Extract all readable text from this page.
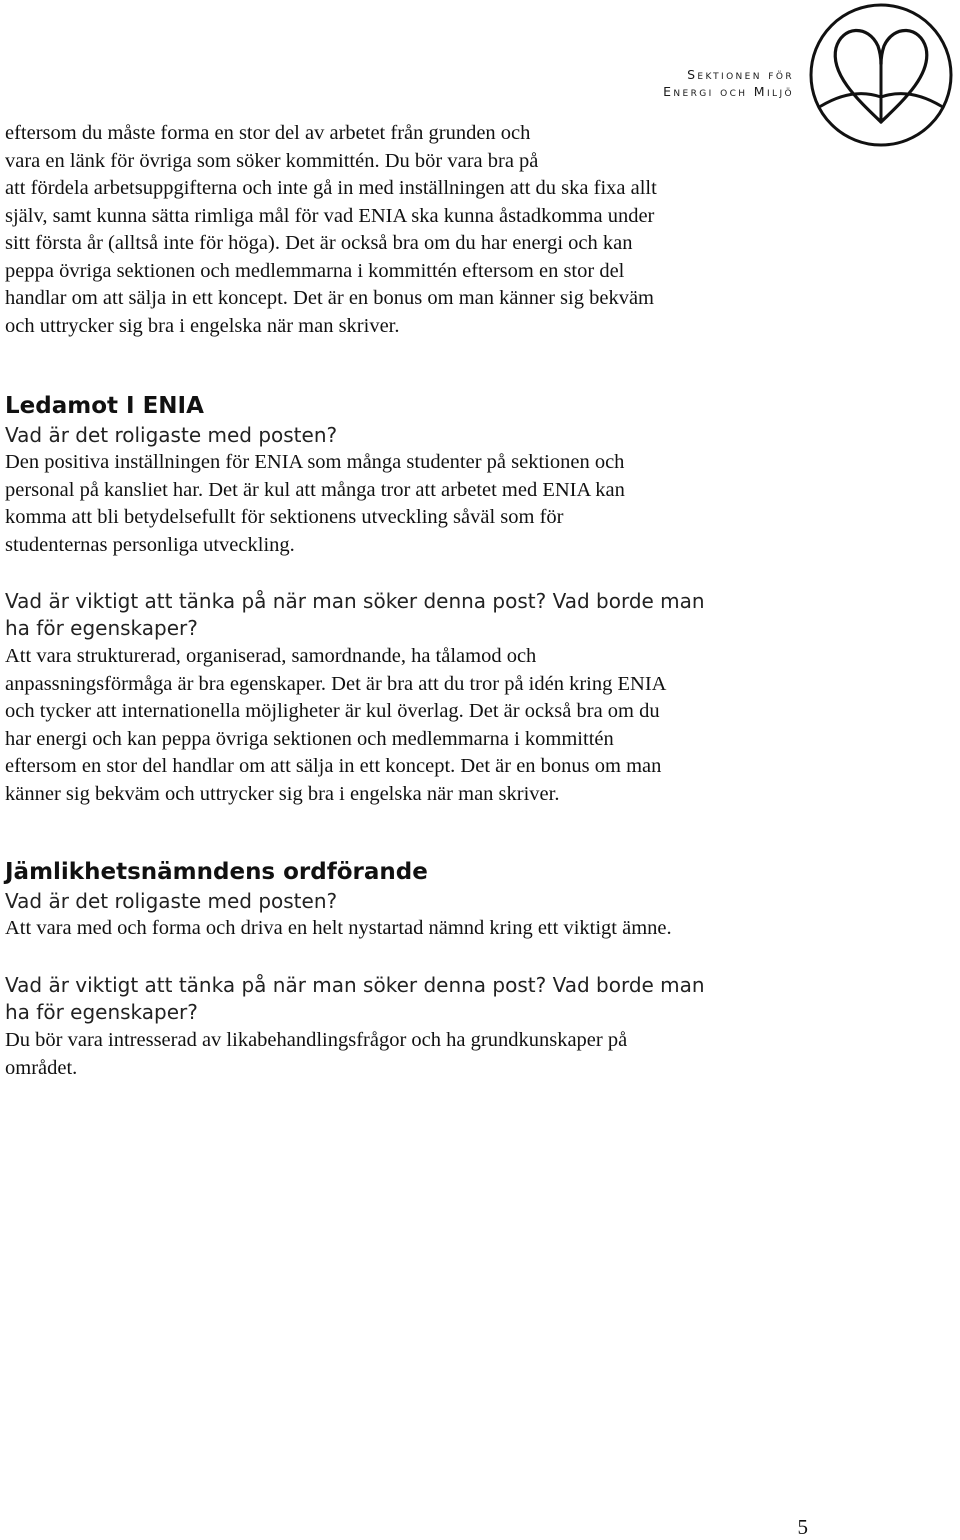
Sektionen för
Energi och Miljö

eftersom du måste forma en stor del av arbetet från grunden och
vara en länk för övriga som söker kommittén. Du bör vara bra på
att fördela arbetsuppgifterna och inte gå in med inställningen att du ska fixa allt
själv, samt kunna sätta rimliga mål för vad ENIA ska kunna åstadkomma under
sitt första år (alltså inte för höga). Det är också bra om du har energi och kan
peppa övriga sektionen och medlemmarna i kommittén eftersom en stor del
handlar om att sälja in ett koncept. Det är en bonus om man känner sig bekväm
och uttrycker sig bra i engelska när man skriver.

Ledamot I ENIA
Vad är det roligaste med posten?

Den positiva inställningen för ENIA som många studenter på sektionen och
personal på kansliet har. Det är kul att många tror att arbetet med ENIA kan
komma att bli betydelsefullt för sektionens utveckling såväl som för
studenternas personliga utveckling.

Vad är viktigt att tänka på när man söker denna post? Vad borde man
ha för egenskaper?

Att vara strukturerad, organiserad, samordnande, ha tålamod och
anpassningsförmåga är bra egenskaper. Det är bra att du tror på idén kring ENIA
och tycker att internationella möjligheter är kul överlag. Det är också bra om du
har energi och kan peppa övriga sektionen och medlemmarna i kommittén
eftersom en stor del handlar om att sälja in ett koncept. Det är en bonus om man
känner sig bekväm och uttrycker sig bra i engelska när man skriver.

Jämlikhetsnämndens ordförande
Vad är det roligaste med posten?

Att vara med och forma och driva en helt nystartad nämnd kring ett viktigt ämne.

Vad är viktigt att tänka på när man söker denna post? Vad borde man
ha för egenskaper?

Du bör vara intresserad av likabehandlingsfrågor och ha grundkunskaper på
området.

5
